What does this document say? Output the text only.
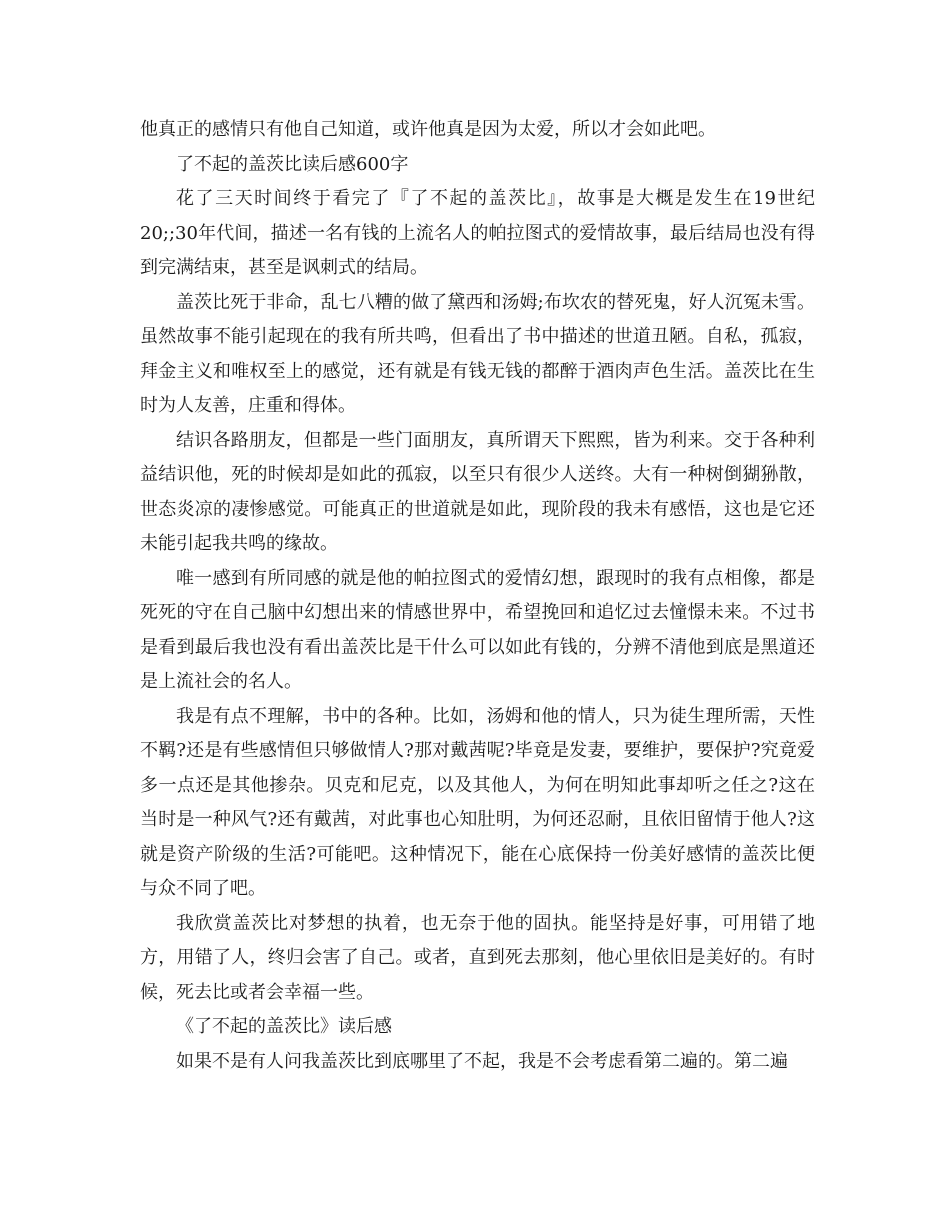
他真正的感情只有他自己知道，或许他真是因为太爱，所以才会如此吧。

了不起的盖茨比读后感600字

花了三天时间终于看完了『了不起的盖茨比』，故事是大概是发生在19世纪20;;30年代间，描述一名有钱的上流名人的帕拉图式的爱情故事，最后结局也没有得到完满结束，甚至是讽刺式的结局。

盖茨比死于非命，乱七八糟的做了黛西和汤姆;布坎农的替死鬼，好人沉冤未雪。虽然故事不能引起现在的我有所共鸣，但看出了书中描述的世道丑陋。自私，孤寂，拜金主义和唯权至上的感觉，还有就是有钱无钱的都醉于酒肉声色生活。盖茨比在生时为人友善，庄重和得体。

结识各路朋友，但都是一些门面朋友，真所谓天下熙熙，皆为利来。交于各种利益结识他，死的时候却是如此的孤寂，以至只有很少人送终。大有一种树倒猢狲散，世态炎凉的凄惨感觉。可能真正的世道就是如此，现阶段的我未有感悟，这也是它还未能引起我共鸣的缘故。

唯一感到有所同感的就是他的帕拉图式的爱情幻想，跟现时的我有点相像，都是死死的守在自己脑中幻想出来的情感世界中，希望挽回和追忆过去憧憬未来。不过书是看到最后我也没有看出盖茨比是干什么可以如此有钱的，分辨不清他到底是黑道还是上流社会的名人。

我是有点不理解，书中的各种。比如，汤姆和他的情人，只为徒生理所需，天性不羁?还是有些感情但只够做情人?那对戴茜呢?毕竟是发妻，要维护，要保护?究竟爱多一点还是其他掺杂。贝克和尼克，以及其他人，为何在明知此事却听之任之?这在当时是一种风气?还有戴茜，对此事也心知肚明，为何还忍耐，且依旧留情于他人?这就是资产阶级的生活?可能吧。这种情况下，能在心底保持一份美好感情的盖茨比便与众不同了吧。

我欣赏盖茨比对梦想的执着，也无奈于他的固执。能坚持是好事，可用错了地方，用错了人，终归会害了自己。或者，直到死去那刻，他心里依旧是美好的。有时候，死去比或者会幸福一些。

《了不起的盖茨比》读后感

如果不是有人问我盖茨比到底哪里了不起，我是不会考虑看第二遍的。第二遍
